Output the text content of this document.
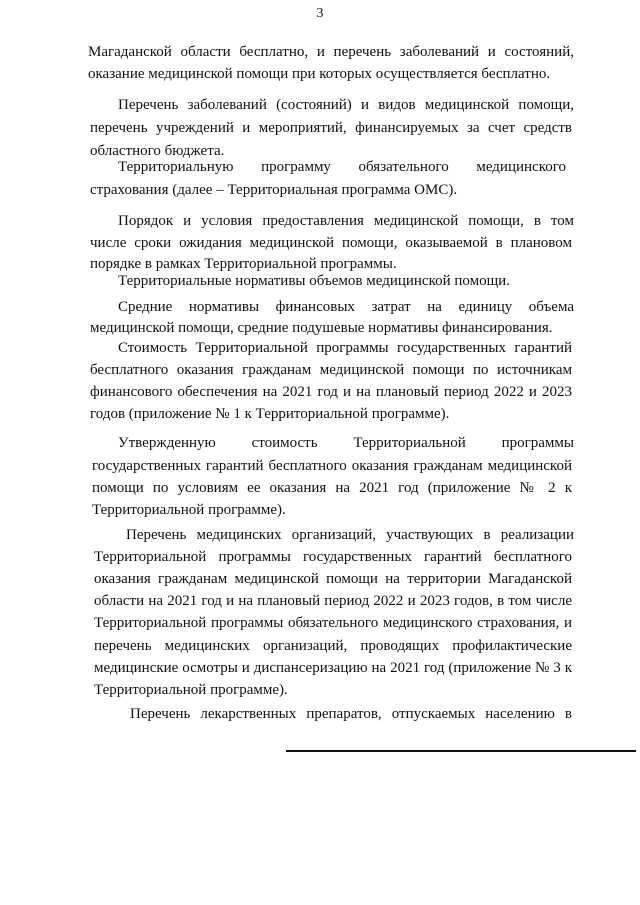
3
Магаданской области бесплатно, и перечень заболеваний и состояний,
оказание медицинской помощи при которых осуществляется бесплатно.
Перечень заболеваний (состояний) и видов медицинской помощи,
перечень учреждений и мероприятий, финансируемых за счет средств
областного бюджета.
Территориальную программу обязательного медицинского
страхования (далее – Территориальная программа ОМС).
Порядок и условия предоставления медицинской помощи, в том
числе сроки ожидания медицинской помощи, оказываемой в плановом
порядке в рамках Территориальной программы.
Территориальные нормативы объемов медицинской помощи.
Средние нормативы финансовых затрат на единицу объема
медицинской помощи, средние подушевые нормативы финансирования.
Стоимость Территориальной программы государственных гарантий
бесплатного оказания гражданам медицинской помощи по источникам
финансового обеспечения на 2021 год и на плановый период 2022 и 2023
годов (приложение № 1 к Территориальной программе).
Утвержденную стоимость Территориальной программы
государственных гарантий бесплатного оказания гражданам медицинской
помощи по условиям ее оказания на 2021 год (приложение № 2 к
Территориальной программе).
Перечень медицинских организаций, участвующих в реализации
Территориальной программы государственных гарантий бесплатного
оказания гражданам медицинской помощи на территории Магаданской
области на 2021 год и на плановый период 2022 и 2023 годов, в том числе
Территориальной программы обязательного медицинского страхования, и
перечень медицинских организаций, проводящих профилактические
медицинские осмотры и диспансеризацию на 2021 год (приложение № 3 к
Территориальной программе).
Перечень лекарственных препаратов, отпускаемых населению в
